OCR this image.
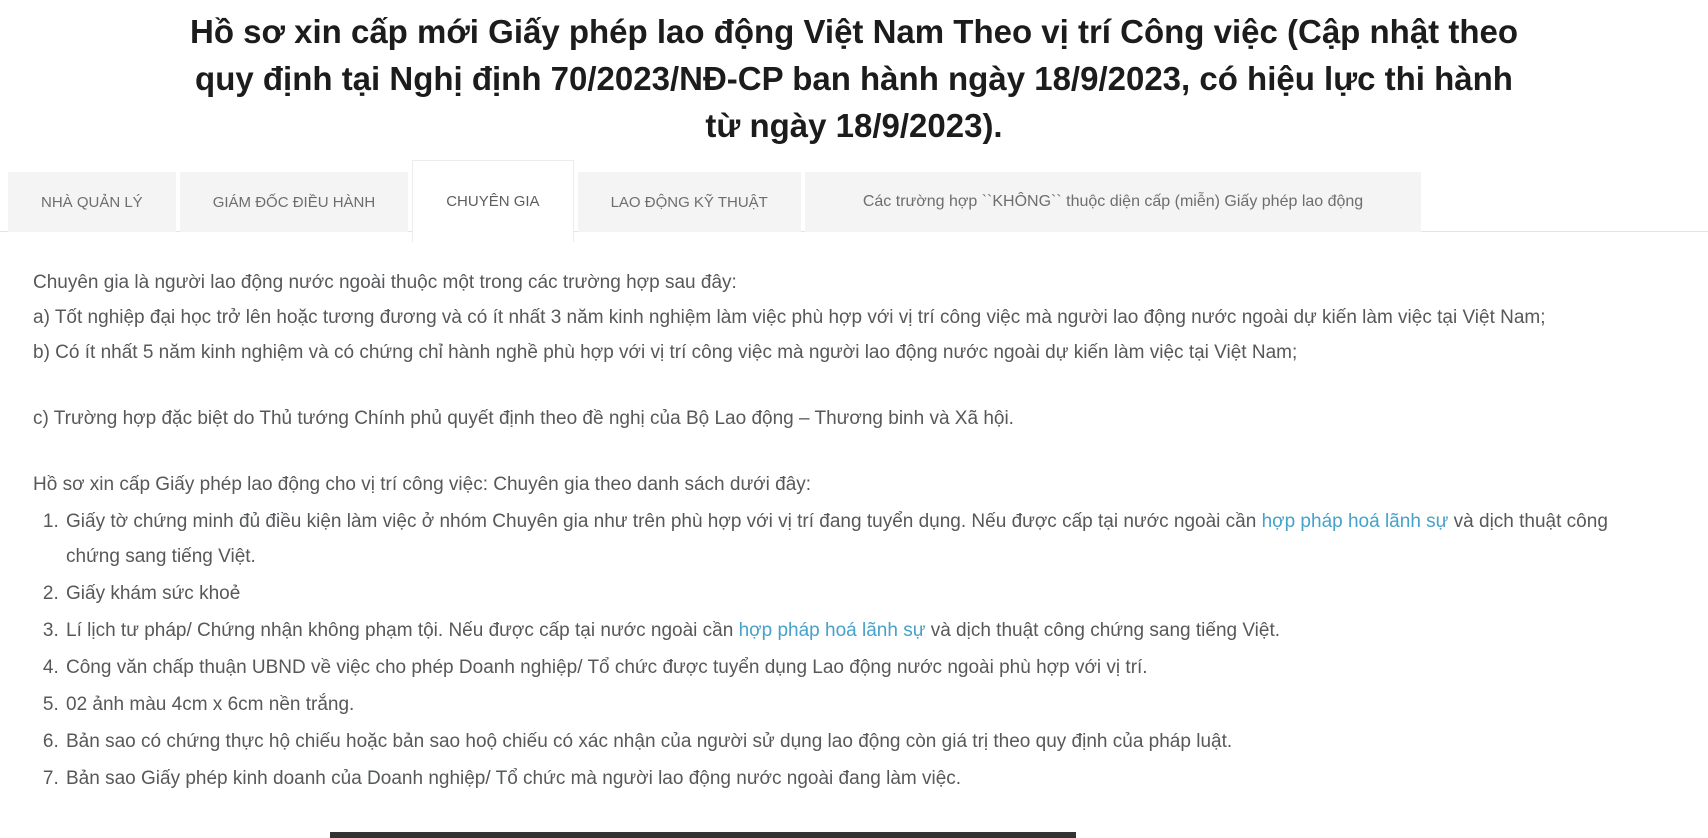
Hồ sơ xin cấp mới Giấy phép lao động Việt Nam Theo vị trí Công việc (Cập nhật theo
quy định tại Nghị định 70/2023/NĐ-CP ban hành ngày 18/9/2023, có hiệu lực thi hành
từ ngày 18/9/2023).
NHÀ QUẢN LÝ	GIÁM ĐỐC ĐIỀU HÀNH	CHUYÊN GIA	LAO ĐỘNG KỸ THUẬT	Các trường hợp ``KHÔNG`` thuộc diện cấp (miễn) Giấy phép lao động

Chuyên gia là người lao động nước ngoài thuộc một trong các trường hợp sau đây:

a) Tốt nghiệp đại học trở lên hoặc tương đương và có ít nhất 3 năm kinh nghiệm làm việc phù hợp với vị trí công việc mà người lao động nước ngoài dự kiến làm việc tại Việt Nam;

b) Có ít nhất 5 năm kinh nghiệm và có chứng chỉ hành nghề phù hợp với vị trí công việc mà người lao động nước ngoài dự kiến làm việc tại Việt Nam;

c) Trường hợp đặc biệt do Thủ tướng Chính phủ quyết định theo đề nghị của Bộ Lao động – Thương binh và Xã hội.

Hồ sơ xin cấp Giấy phép lao động cho vị trí công việc: Chuyên gia theo danh sách dưới đây:

1. Giấy tờ chứng minh đủ điều kiện làm việc ở nhóm Chuyên gia như trên phù hợp với vị trí đang tuyển dụng. Nếu được cấp tại nước ngoài cần hợp pháp hoá lãnh sự và dịch thuật công chứng sang tiếng Việt.
2. Giấy khám sức khoẻ
3. Lí lịch tư pháp/ Chứng nhận không phạm tội. Nếu được cấp tại nước ngoài cần hợp pháp hoá lãnh sự và dịch thuật công chứng sang tiếng Việt.
4. Công văn chấp thuận UBND về việc cho phép Doanh nghiệp/ Tổ chức được tuyển dụng Lao động nước ngoài phù hợp với vị trí.
5. 02 ảnh màu 4cm x 6cm nền trắng.
6. Bản sao có chứng thực hộ chiếu hoặc bản sao hoộ chiếu có xác nhận của người sử dụng lao động còn giá trị theo quy định của pháp luật.
7. Bản sao Giấy phép kinh doanh của Doanh nghiệp/ Tổ chức mà người lao động nước ngoài đang làm việc.
